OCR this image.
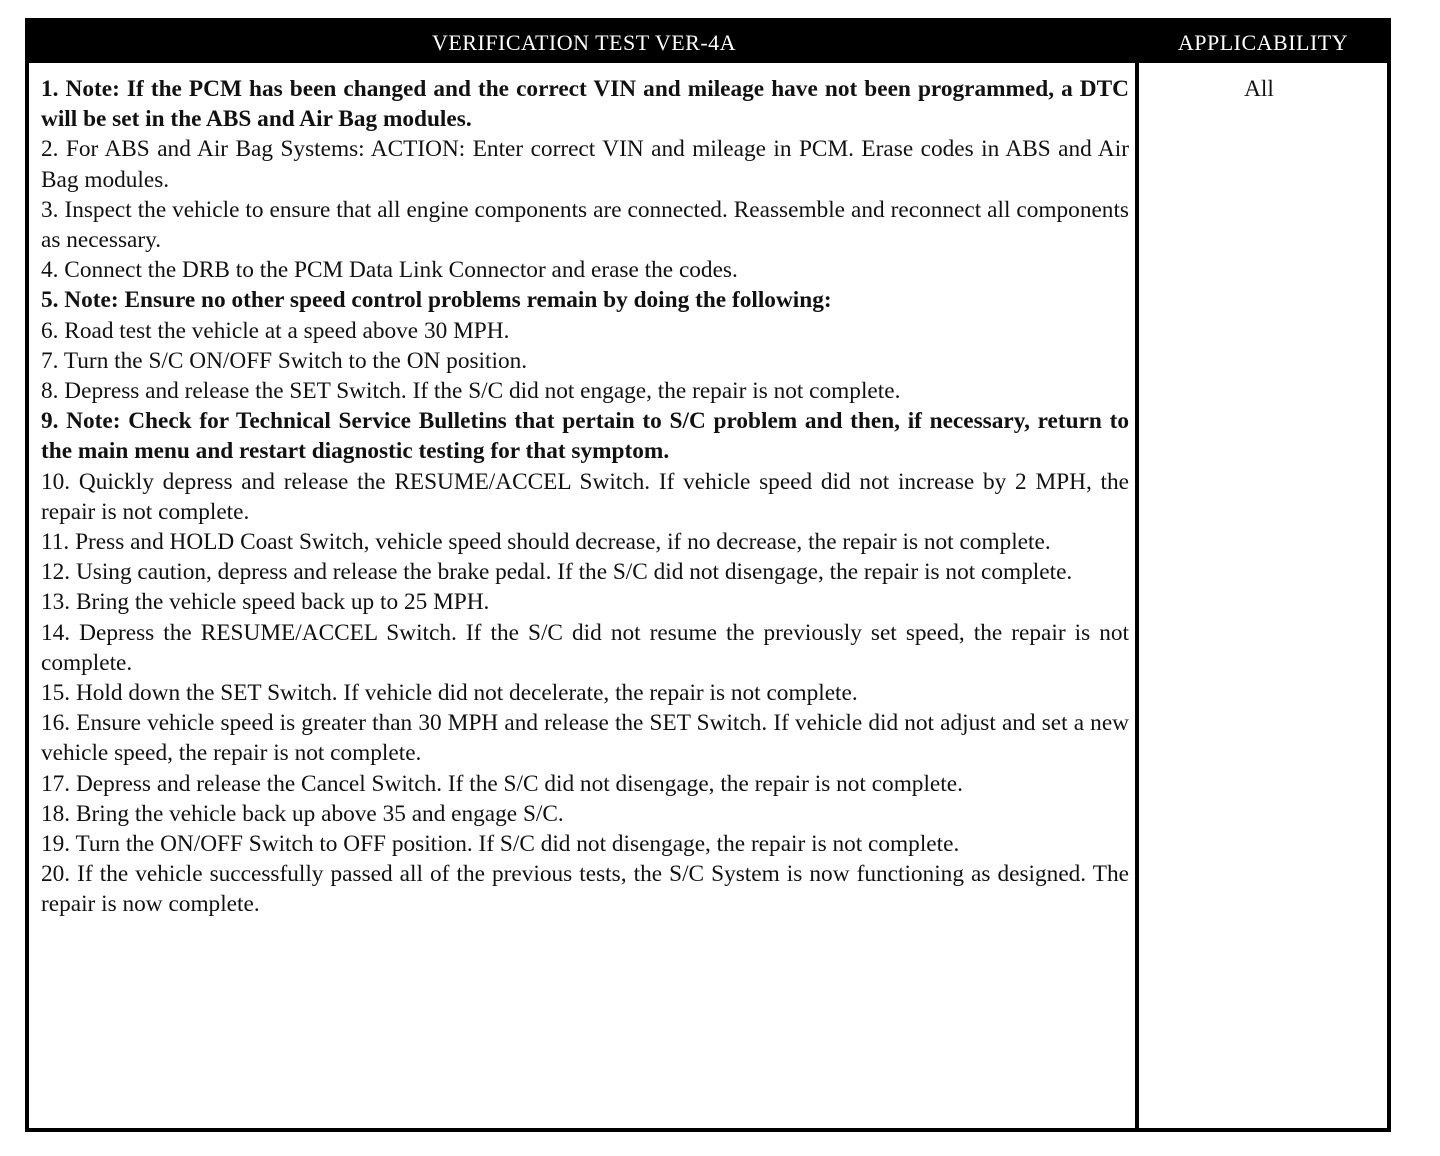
VERIFICATION TEST VER-4A	APPLICABILITY
1. Note: If the PCM has been changed and the correct VIN and mileage have not been programmed, a DTC will be set in the ABS and Air Bag modules.
2. For ABS and Air Bag Systems: ACTION: Enter correct VIN and mileage in PCM. Erase codes in ABS and Air Bag modules.
3. Inspect the vehicle to ensure that all engine components are connected. Reassemble and reconnect all components as necessary.
4. Connect the DRB to the PCM Data Link Connector and erase the codes.
5. Note: Ensure no other speed control problems remain by doing the following:
6. Road test the vehicle at a speed above 30 MPH.
7. Turn the S/C ON/OFF Switch to the ON position.
8. Depress and release the SET Switch. If the S/C did not engage, the repair is not complete.
9. Note: Check for Technical Service Bulletins that pertain to S/C problem and then, if necessary, return to the main menu and restart diagnostic testing for that symptom.
10. Quickly depress and release the RESUME/ACCEL Switch. If vehicle speed did not increase by 2 MPH, the repair is not complete.
11. Press and HOLD Coast Switch, vehicle speed should decrease, if no decrease, the repair is not complete.
12. Using caution, depress and release the brake pedal. If the S/C did not disengage, the repair is not complete.
13. Bring the vehicle speed back up to 25 MPH.
14. Depress the RESUME/ACCEL Switch. If the S/C did not resume the previously set speed, the repair is not complete.
15. Hold down the SET Switch. If vehicle did not decelerate, the repair is not complete.
16. Ensure vehicle speed is greater than 30 MPH and release the SET Switch. If vehicle did not adjust and set a new vehicle speed, the repair is not complete.
17. Depress and release the Cancel Switch. If the S/C did not disengage, the repair is not complete.
18. Bring the vehicle back up above 35 and engage S/C.
19. Turn the ON/OFF Switch to OFF position. If S/C did not disengage, the repair is not complete.
20. If the vehicle successfully passed all of the previous tests, the S/C System is now functioning as designed. The repair is now complete.
All
